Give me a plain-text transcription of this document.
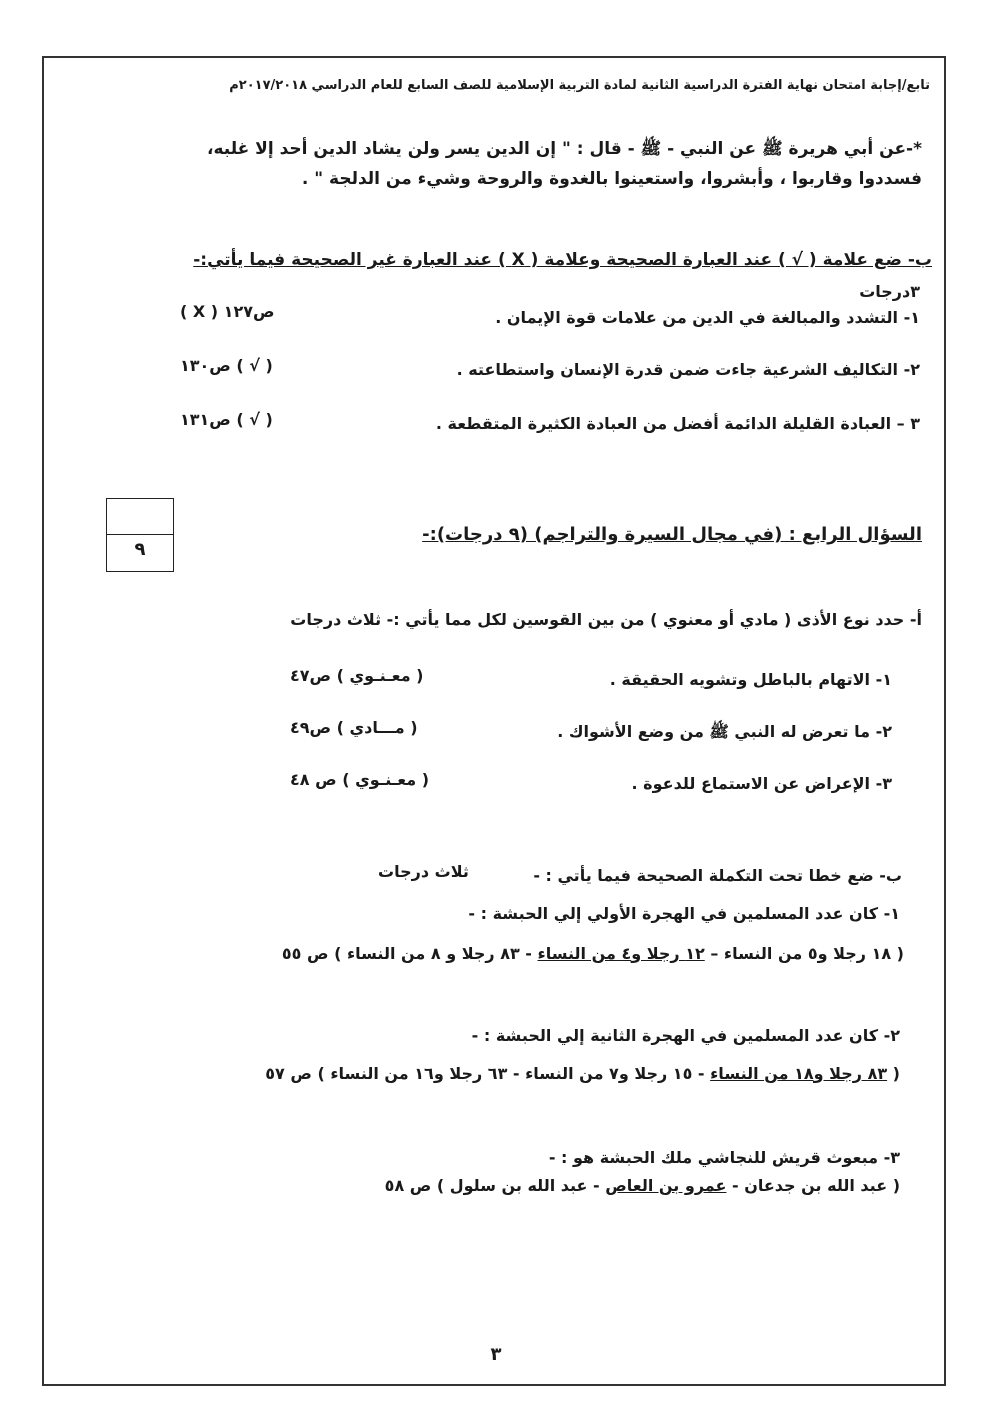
تابع/إجابة امتحان نهاية الفترة الدراسية الثانية لمادة التربية الإسلامية للصف السابع للعام الدراسي ٢٠١٧/٢٠١٨م
*-عن أبي هريرة ﷺ عن النبي - ﷺ - قال : " إن الدين يسر ولن يشاد الدين أحد إلا غلبه،
فسددوا وقاربوا ، وأبشروا، واستعينوا بالغدوة والروحة وشيء من الدلجة " .
ب- ضع علامة ( √ ) عند العبارة الصحيحة وعلامة ( X ) عند العبارة غير الصحيحة فيما يأتي:-
٣درجات
١- التشدد والمبالغة في الدين من علامات قوة الإيمان .
( X ) ص١٢٧
٢- التكاليف الشرعية جاءت ضمن قدرة الإنسان واستطاعته .
( √ ) ص١٣٠
٣ – العبادة القليلة الدائمة أفضل من العبادة الكثيرة المتقطعة .
( √ ) ص١٣١
٩
السؤال الرابع : (في مجال السيرة والتراجم) (٩ درجات):-
أ- حدد نوع الأذى ( مادي أو معنوي ) من بين القوسين لكل مما يأتي :- ثلاث درجات
١- الاتهام بالباطل وتشويه الحقيقة .
( معـنـوي ) ص٤٧
٢- ما تعرض له النبي ﷺ من وضع الأشواك .
( مـــادي ) ص٤٩
٣- الإعراض عن الاستماع للدعوة .
( معـنـوي ) ص ٤٨
ب- ضع خطا تحت التكملة الصحيحة فيما يأتي : -
ثلاث درجات
١- كان عدد المسلمين في الهجرة الأولي إلي الحبشة : -
( ١٨ رجلا و٥ من النساء – ١٢ رجلا و٤ من النساء - ٨٣ رجلا و ٨ من النساء ) ص ٥٥
٢- كان عدد المسلمين في الهجرة الثانية إلي الحبشة : -
( ٨٣ رجلا و١٨ من النساء - ١٥ رجلا و٧ من النساء - ٦٣ رجلا و١٦ من النساء ) ص ٥٧
٣- مبعوث قريش للنجاشي ملك الحبشة هو : -
( عبد الله بن جدعان - عمرو بن العاص - عبد الله بن سلول ) ص ٥٨
٣
